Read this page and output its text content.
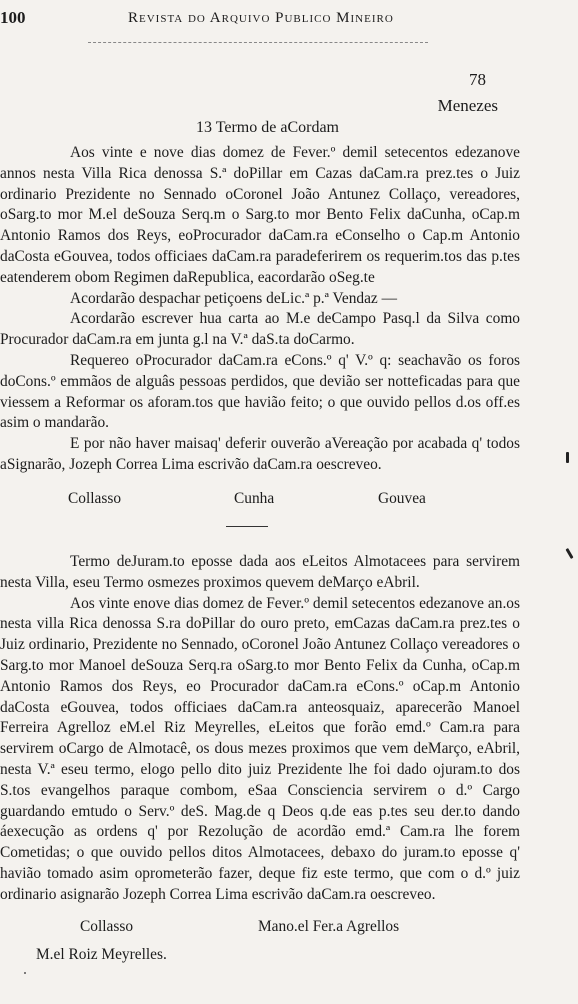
100	Revista do Arquivo Publico Mineiro
78
Menezes
13 Termo de aCordam

Aos vinte e nove dias domez de Fever.º demil setecentos edezanove annos nesta Villa Rica denossa S.ª doPillar em Cazas daCam.ra prez.tes o Juiz ordinario Prezidente no Sennado oCoronel João Antunez Collaço, vereadores, oSarg.to mor M.el deSouza Serq.m o Sarg.to mor Bento Felix daCunha, oCap.m Antonio Ramos dos Reys, eoProcurador daCam.ra eConselho o Cap.m Antonio daCosta eGouvea, todos officiaes daCam.ra paradeferirem os requerim.tos das p.tes eatenderem obom Regimen daRepublica, eacordarão oSeg.te

Acordarão despachar petiçoens deLic.ª p.ª Vendaz —

Acordarão escrever hua carta ao M.e deCampo Pasq.l da Silva como Procurador daCam.ra em junta g.l na V.ª daS.ta doCarmo.

Requereo oProcurador daCam.ra eCons.º q' V.º q: seachavão os foros doCons.º emmãos de alguâs pessoas perdidos, que devião ser notteficadas para que viessem a Reformar os aforam.tos que havião feito; o que ouvido pellos d.os off.es asim o mandarão.

E por não haver maisaq' deferir ouverão aVereação por acabada q' todos aSignarão, Jozeph Correa Lima escrivão daCam.ra oescreveo.

Collasso	Cunha	Gouvea

Termo deJuram.to eposse dada aos eLeitos Almotacees para servirem nesta Villa, eseu Termo osmezes proximos quevem deMarço eAbril.

Aos vinte enove dias domez de Fever.º demil setecentos edezanove an.os nesta villa Rica denossa S.ra doPillar do ouro preto, emCazas daCam.ra prez.tes o Juiz ordinario, Prezidente no Sennado, oCoronel João Antunez Collaço vereadores o Sarg.to mor Manoel deSouza Serq.ra oSarg.to mor Bento Felix da Cunha, oCap.m Antonio Ramos dos Reys, eo Procurador daCam.ra eCons.º oCap.m Antonio daCosta eGouvea, todos officiaes daCam.ra anteosquaiz, aparecerão Manoel Ferreira Agrelloz eM.el Riz Meyrelles, eLeitos que forão emd.º Cam.ra para servirem oCargo de Almotacê, os dous mezes proximos que vem deMarço, eAbril, nesta V.ª eseu termo, elogo pello dito juiz Prezidente lhe foi dado ojuram.to dos S.tos evangelhos paraque combom, eSaa Consciencia servirem o d.º Cargo guardando emtudo o Serv.º deS. Mag.de q Deos q.de eas p.tes seu der.to dando áexecução as ordens q' por Rezolução de acordão emd.ª Cam.ra lhe forem Cometidas; o que ouvido pellos ditos Almotacees, debaxo do juram.to eposse q' havião tomado asim oprometerão fazer, deque fiz este termo, que com o d.º juiz ordinario asignarão Jozeph Correa Lima escrivão daCam.ra oescreveo.

Collasso	Mano.el Fer.a Agrellos
M.el Roiz Meyrelles.
